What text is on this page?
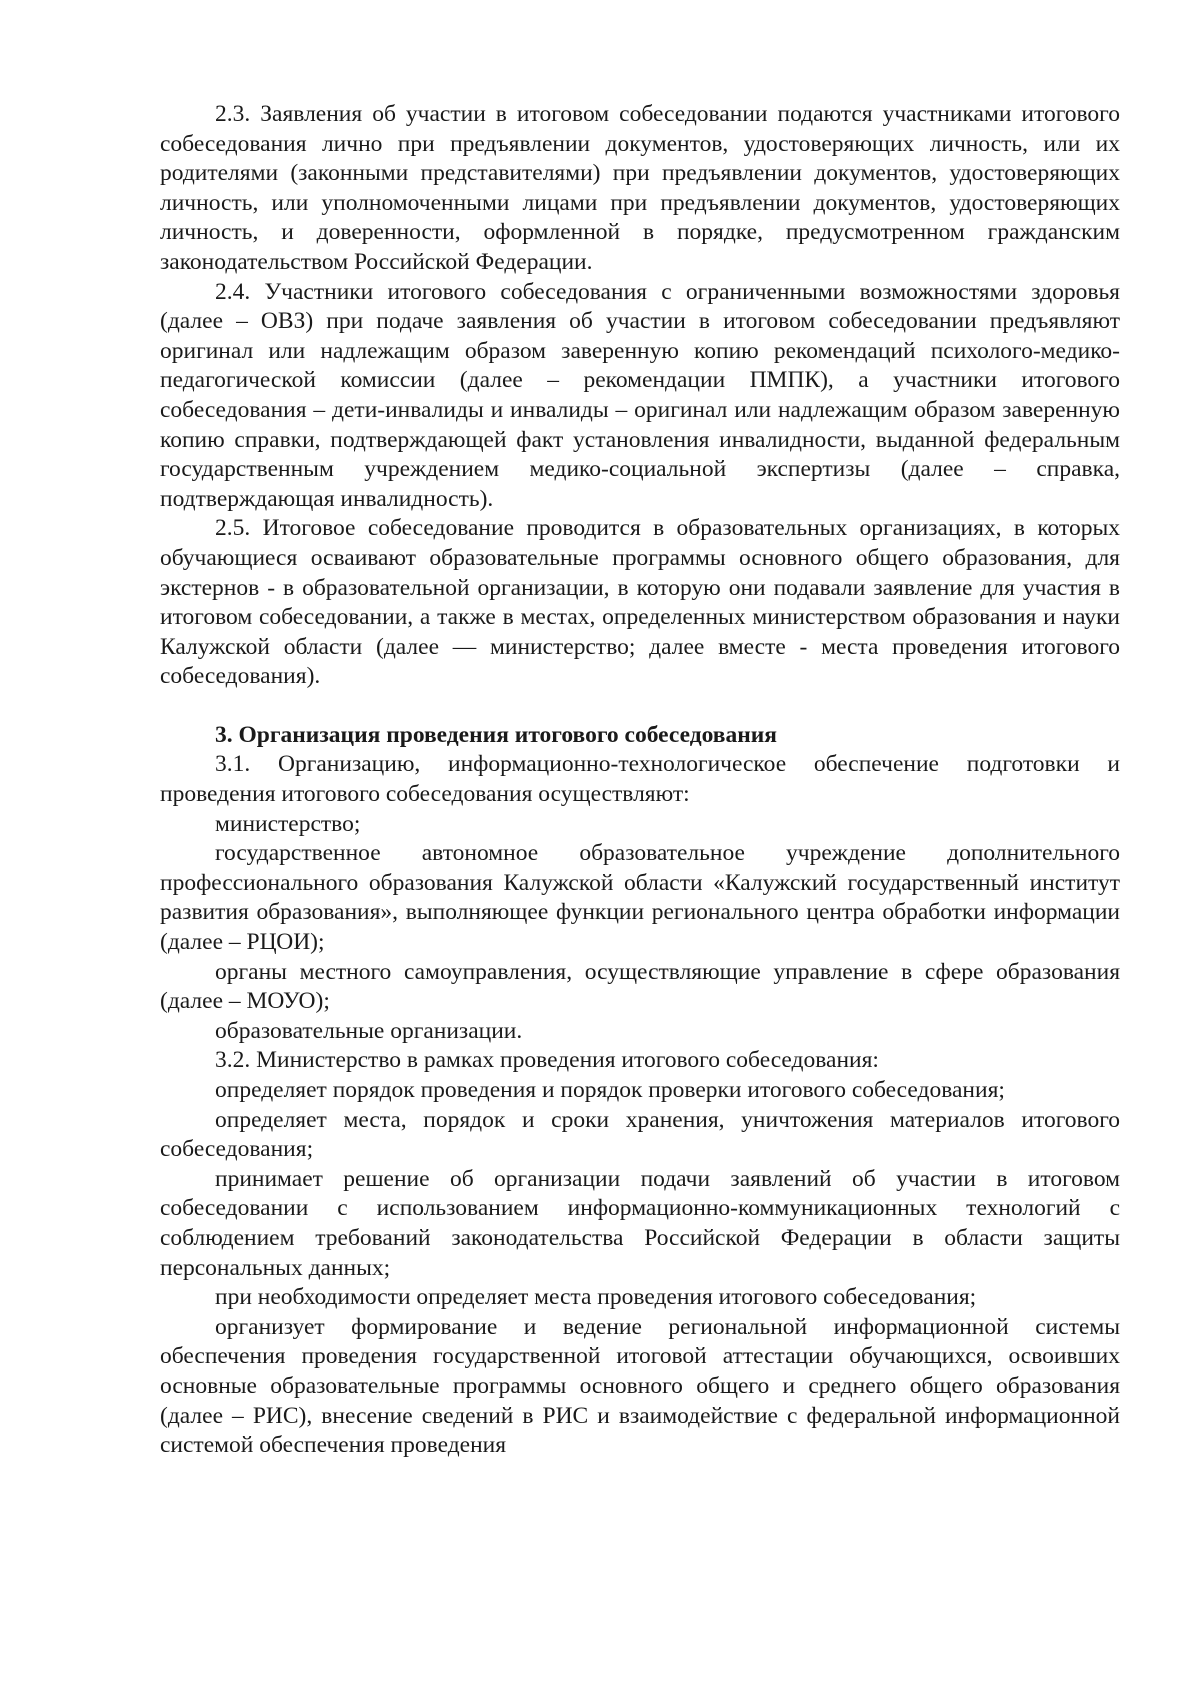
2.3. Заявления об участии в итоговом собеседовании подаются участниками итогового собеседования лично при предъявлении документов, удостоверяющих личность, или их родителями (законными представителями) при предъявлении документов, удостоверяющих личность, или уполномоченными лицами при предъявлении документов, удостоверяющих личность, и доверенности, оформленной в порядке, предусмотренном гражданским законодательством Российской Федерации.

2.4. Участники итогового собеседования с ограниченными возможностями здоровья (далее – ОВЗ) при подаче заявления об участии в итоговом собеседовании предъявляют оригинал или надлежащим образом заверенную копию рекомендаций психолого-медико-педагогической комиссии (далее – рекомендации ПМПК), а участники итогового собеседования – дети-инвалиды и инвалиды – оригинал или надлежащим образом заверенную копию справки, подтверждающей факт установления инвалидности, выданной федеральным государственным учреждением медико-социальной экспертизы (далее – справка, подтверждающая инвалидность).

2.5. Итоговое собеседование проводится в образовательных организациях, в которых обучающиеся осваивают образовательные программы основного общего образования, для экстернов - в образовательной организации, в которую они подавали заявление для участия в итоговом собеседовании, а также в местах, определенных министерством образования и науки Калужской области (далее — министерство; далее вместе - места проведения итогового собеседования).

3. Организация проведения итогового собеседования

3.1. Организацию, информационно-технологическое обеспечение подготовки и проведения итогового собеседования осуществляют:

министерство;

государственное автономное образовательное учреждение дополнительного профессионального образования Калужской области «Калужский государственный институт развития образования», выполняющее функции регионального центра обработки информации (далее – РЦОИ);

органы местного самоуправления, осуществляющие управление в сфере образования (далее – МОУО);

образовательные организации.

3.2. Министерство в рамках проведения итогового собеседования:

определяет порядок проведения и порядок проверки итогового собеседования;

определяет места, порядок и сроки хранения, уничтожения материалов итогового собеседования;

принимает решение об организации подачи заявлений об участии в итоговом собеседовании с использованием информационно-коммуникационных технологий с соблюдением требований законодательства Российской Федерации в области защиты персональных данных;

при необходимости определяет места проведения итогового собеседования;

организует формирование и ведение региональной информационной системы обеспечения проведения государственной итоговой аттестации обучающихся, освоивших основные образовательные программы основного общего и среднего общего образования (далее – РИС), внесение сведений в РИС и взаимодействие с федеральной информационной системой обеспечения проведения
